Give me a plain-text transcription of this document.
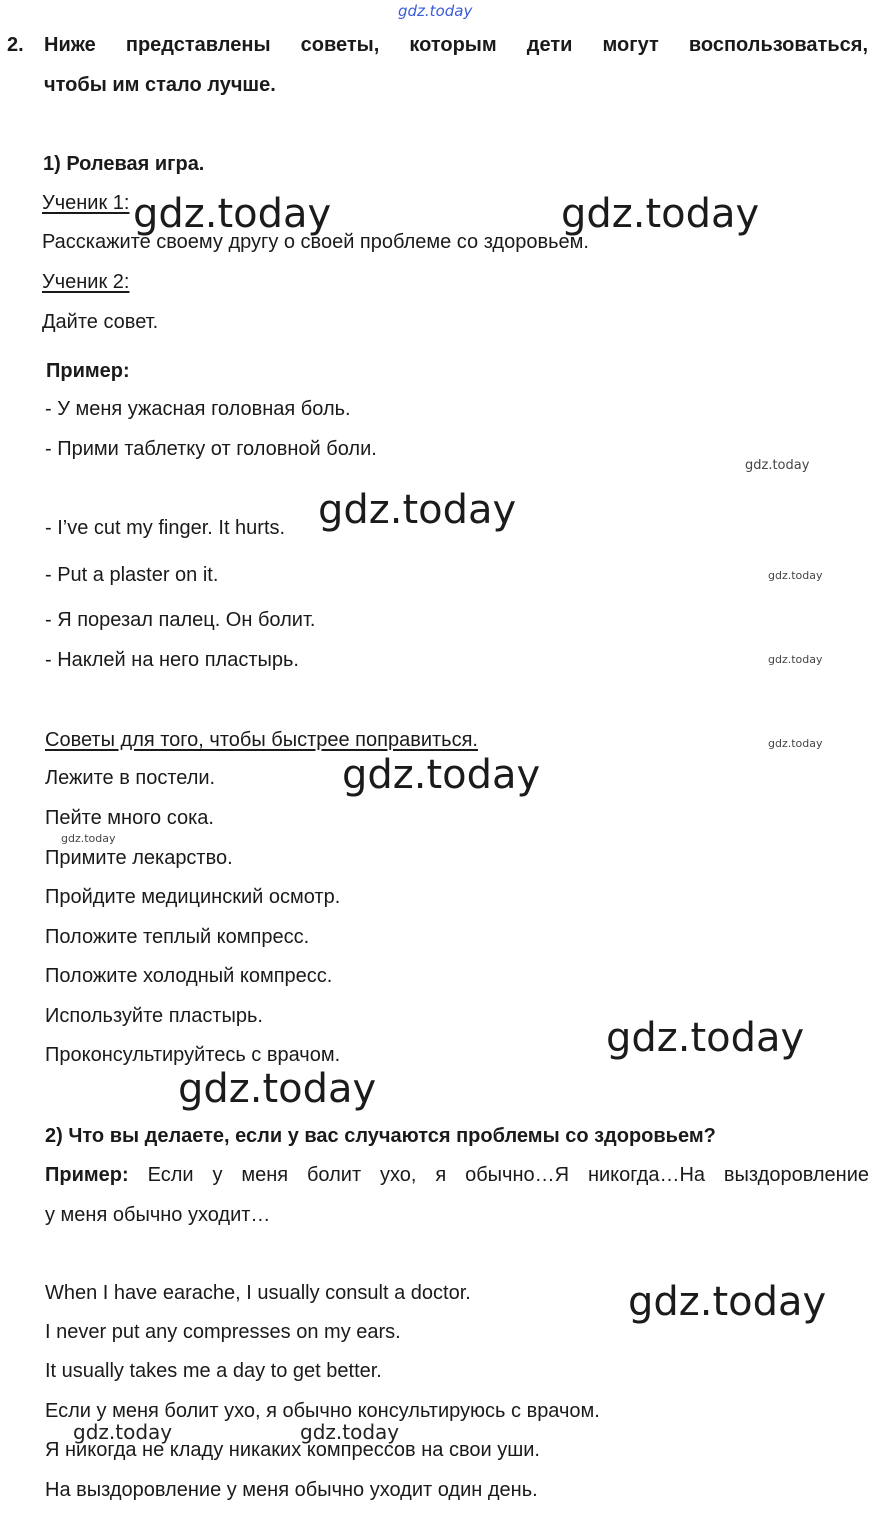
gdz.today
gdz.today	gdz.today
gdz.today
gdz.today
gdz.today
gdz.today
gdz.today
gdz.today
gdz.today
gdz.today
gdz.today
gdz.today
gdz.today	gdz.today
2. Ниже представлены советы, которым дети могут воспользоваться,
чтобы им стало лучше.
1) Ролевая игра.
Ученик 1:
Расскажите своему другу о своей проблеме со здоровьем.
Ученик 2:
Дайте совет.
Пример:
- У меня ужасная головная боль.
- Прими таблетку от головной боли.
- I’ve cut my finger. It hurts.
- Put a plaster on it.
- Я порезал палец. Он болит.
- Наклей на него пластырь.
Советы для того, чтобы быстрее поправиться.
Лежите в постели.
Пейте много сока.
Примите лекарство.
Пройдите медицинский осмотр.
Положите теплый компресс.
Положите холодный компресс.
Используйте пластырь.
Проконсультируйтесь с врачом.
2) Что вы делаете, если у вас случаются проблемы со здоровьем?
Пример: Если у меня болит ухо, я обычно…Я никогда…На выздоровление
у меня обычно уходит…
When I have earache, I usually consult a doctor.
I never put any compresses on my ears.
It usually takes me a day to get better.
Если у меня болит ухо, я обычно консультируюсь с врачом.
Я никогда не кладу никаких компрессов на свои уши.
На выздоровление у меня обычно уходит один день.
